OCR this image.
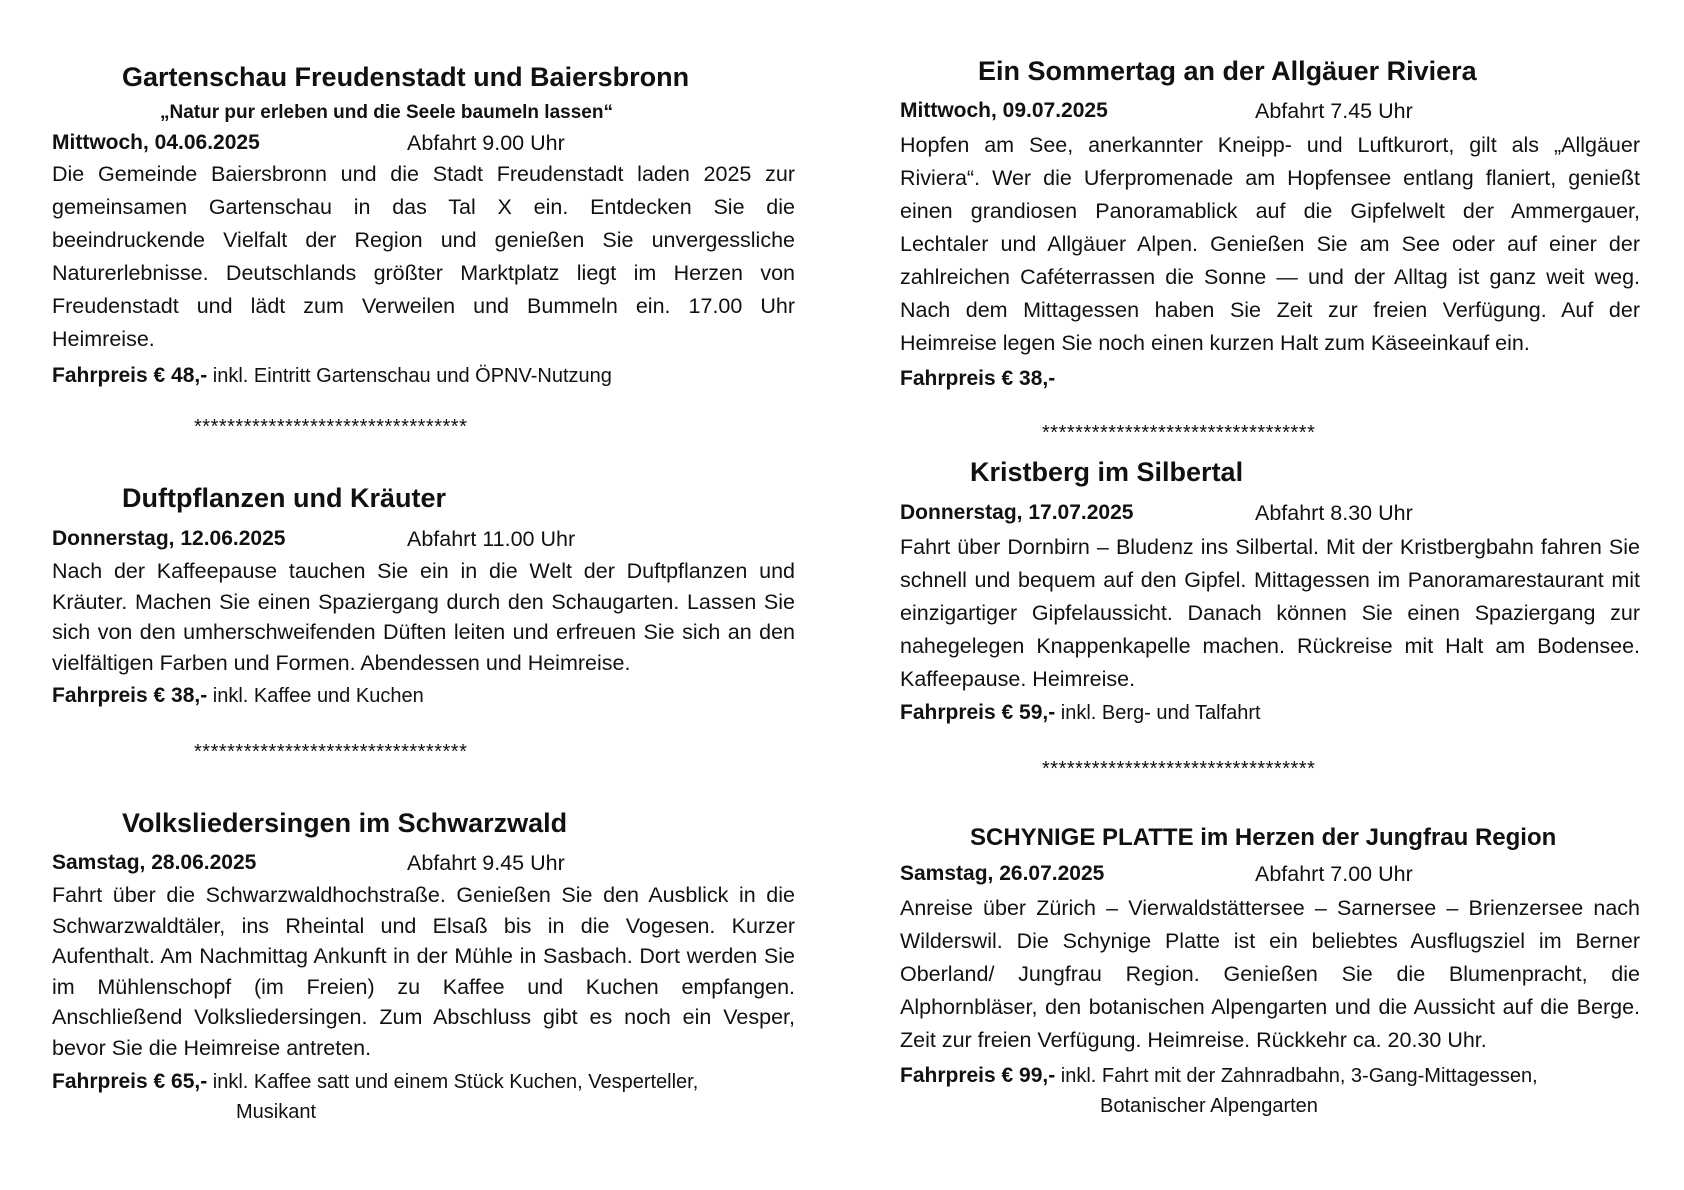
Gartenschau Freudenstadt und Baiersbronn
„Natur pur erleben und die Seele baumeln lassen“
Mittwoch, 04.06.2025	Abfahrt 9.00 Uhr
Die Gemeinde Baiersbronn und die Stadt Freudenstadt laden 2025 zur gemeinsamen Gartenschau in das Tal X ein. Entdecken Sie die beeindruckende Vielfalt der Region und genießen Sie unvergessliche Naturerlebnisse. Deutschlands größter Marktplatz liegt im Herzen von Freudenstadt und lädt zum Verweilen und Bummeln ein. 17.00 Uhr Heimreise.
Fahrpreis € 48,- inkl. Eintritt Gartenschau und ÖPNV-Nutzung
*********************************
Duftpflanzen und Kräuter
Donnerstag, 12.06.2025	Abfahrt 11.00 Uhr
Nach der Kaffeepause tauchen Sie ein in die Welt der Duftpflanzen und Kräuter. Machen Sie einen Spaziergang durch den Schaugarten. Lassen Sie sich von den umherschweifenden Düften leiten und erfreuen Sie sich an den vielfältigen Farben und Formen. Abendessen und Heimreise.
Fahrpreis € 38,- inkl. Kaffee und Kuchen
*********************************
Volksliedersingen im Schwarzwald
Samstag, 28.06.2025	Abfahrt 9.45 Uhr
Fahrt über die Schwarzwaldhochstraße. Genießen Sie den Ausblick in die Schwarzwaldtäler, ins Rheintal und Elsaß bis in die Vogesen. Kurzer Aufenthalt. Am Nachmittag Ankunft in der Mühle in Sasbach. Dort werden Sie im Mühlenschopf (im Freien) zu Kaffee und Kuchen empfangen. Anschließend Volksliedersingen. Zum Abschluss gibt es noch ein Vesper, bevor Sie die Heimreise antreten.
Fahrpreis € 65,- inkl. Kaffee satt und einem Stück Kuchen, Vesperteller,
Musikant
Ein Sommertag an der Allgäuer Riviera
Mittwoch, 09.07.2025	Abfahrt 7.45 Uhr
Hopfen am See, anerkannter Kneipp- und Luftkurort, gilt als „Allgäuer Riviera“. Wer die Uferpromenade am Hopfensee entlang flaniert, genießt einen grandiosen Panoramablick auf die Gipfelwelt der Ammergauer, Lechtaler und Allgäuer Alpen. Genießen Sie am See oder auf einer der zahlreichen Caféterrassen die Sonne — und der Alltag ist ganz weit weg. Nach dem Mittagessen haben Sie Zeit zur freien Verfügung. Auf der Heimreise legen Sie noch einen kurzen Halt zum Käseeinkauf ein.
Fahrpreis € 38,-
*********************************
Kristberg im Silbertal
Donnerstag, 17.07.2025	Abfahrt 8.30 Uhr
Fahrt über Dornbirn – Bludenz ins Silbertal. Mit der Kristbergbahn fahren Sie schnell und bequem auf den Gipfel. Mittagessen im Panoramarestaurant mit einzigartiger Gipfelaussicht. Danach können Sie einen Spaziergang zur nahegelegen Knappenkapelle machen. Rückreise mit Halt am Bodensee. Kaffeepause. Heimreise.
Fahrpreis € 59,- inkl. Berg- und Talfahrt
*********************************
SCHYNIGE PLATTE im Herzen der Jungfrau Region
Samstag, 26.07.2025	Abfahrt 7.00 Uhr
Anreise über Zürich – Vierwaldstättersee – Sarnersee – Brienzersee nach Wilderswil. Die Schynige Platte ist ein beliebtes Ausflugsziel im Berner Oberland/ Jungfrau Region. Genießen Sie die Blumenpracht, die Alphornbläser, den botanischen Alpengarten und die Aussicht auf die Berge. Zeit zur freien Verfügung. Heimreise. Rückkehr ca. 20.30 Uhr.
Fahrpreis € 99,- inkl. Fahrt mit der Zahnradbahn, 3-Gang-Mittagessen,
Botanischer Alpengarten
